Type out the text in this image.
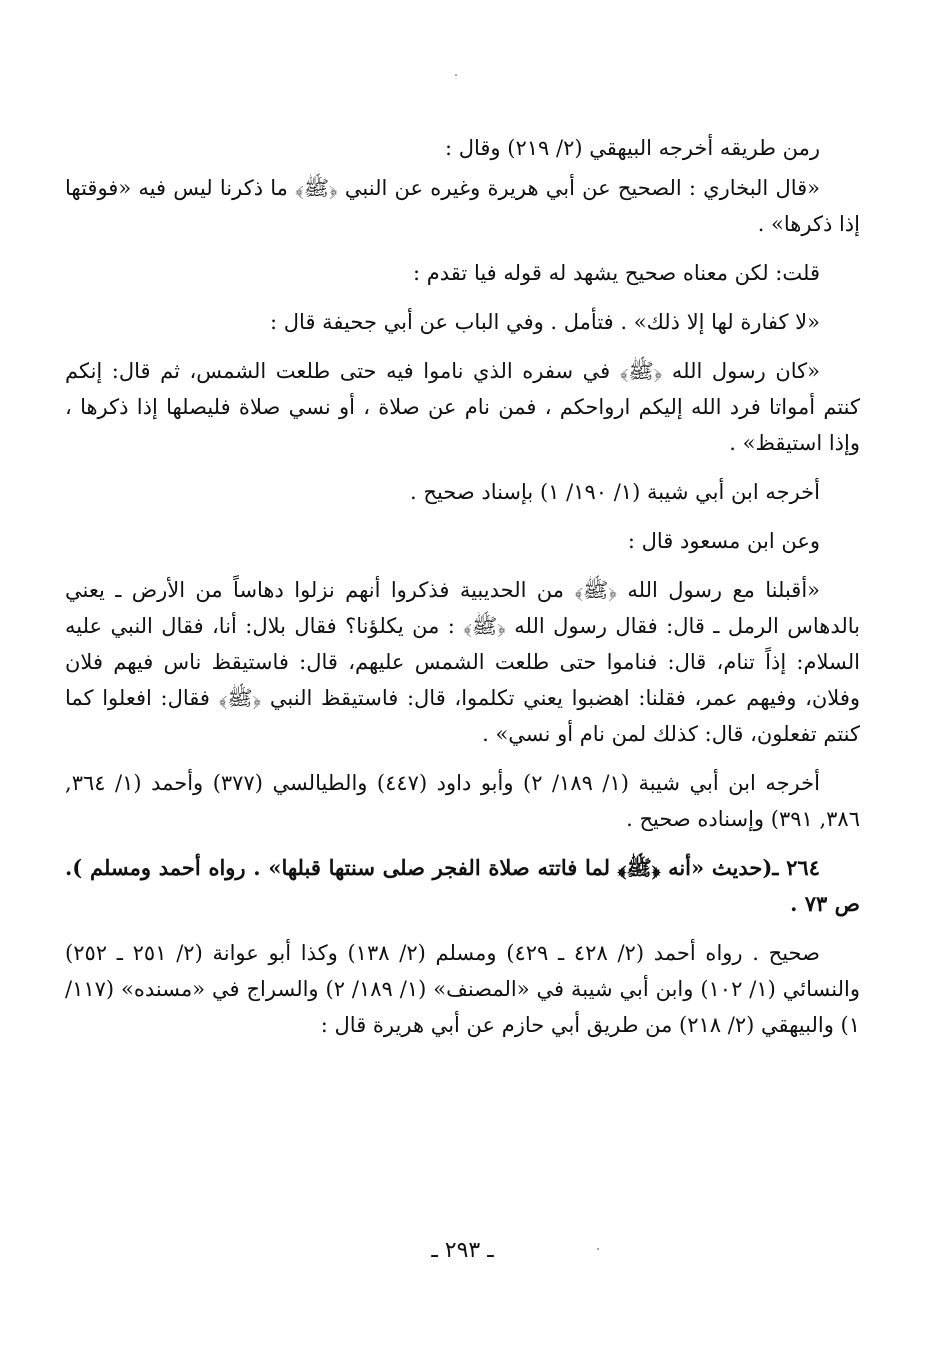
رمن طريقه أخرجه البيهقي (٢/ ٢١٩) وقال :

«قال البخاري : الصحيح عن أبي هريرة وغيره عن النبي ﴿ﷺ﴾ ما ذكرنا ليس فيه «فوقتها إذا ذكرها» .

قلت: لكن معناه صحيح يشهد له قوله فيا تقدم :

«لا كفارة لها إلا ذلك» . فتأمل . وفي الباب عن أبي جحيفة قال :

«كان رسول الله ﴿ﷺ﴾ في سفره الذي ناموا فيه حتى طلعت الشمس، ثم قال: إنكم كنتم أمواتا فرد الله إليكم ارواحكم ، فمن نام عن صلاة ، أو نسي صلاة فليصلها إذا ذكرها ، وإذا استيقظ» .

أخرجه ابن أبي شيبة (١/ ١٩٠/ ١) بإسناد صحيح .

وعن ابن مسعود قال :

«أقبلنا مع رسول الله ﴿ﷺ﴾ من الحديبية فذكروا أنهم نزلوا دهاساً من الأرض ـ يعني بالدهاس الرمل ـ قال: فقال رسول الله ﴿ﷺ﴾ : من يكلؤنا؟ فقال بلال: أنا، فقال النبي عليه السلام: إذاً تنام، قال: فناموا حتى طلعت الشمس عليهم، قال: فاستيقظ ناس فيهم فلان وفلان، وفيهم عمر، فقلنا: اهضبوا يعني تكلموا، قال: فاستيقظ النبي ﴿ﷺ﴾ فقال: افعلوا كما كنتم تفعلون، قال: كذلك لمن نام أو نسي» .

أخرجه ابن أبي شيبة (١/ ١٨٩/ ٢) وأبو داود (٤٤٧) والطيالسي (٣٧٧) وأحمد (١/ ٣٦٤, ٣٨٦, ٣٩١) وإسناده صحيح .

٢٦٤ ـ(حديث «أنه ﴿ﷺ﴾ لما فاتته صلاة الفجر صلى سنتها قبلها» . رواه أحمد ومسلم ). ص ٧٣ .

صحيح . رواه أحمد (٢/ ٤٢٨ ـ ٤٢٩) ومسلم (٢/ ١٣٨) وكذا أبو عوانة (٢/ ٢٥١ ـ ٢٥٢) والنسائي (١/ ١٠٢) وابن أبي شيبة في «المصنف» (١/ ١٨٩/ ٢) والسراج في «مسنده» (١١٧/ ١) والبيهقي (٢/ ٢١٨) من طريق أبي حازم عن أبي هريرة قال :

ـ ٢٩٣ ـ
